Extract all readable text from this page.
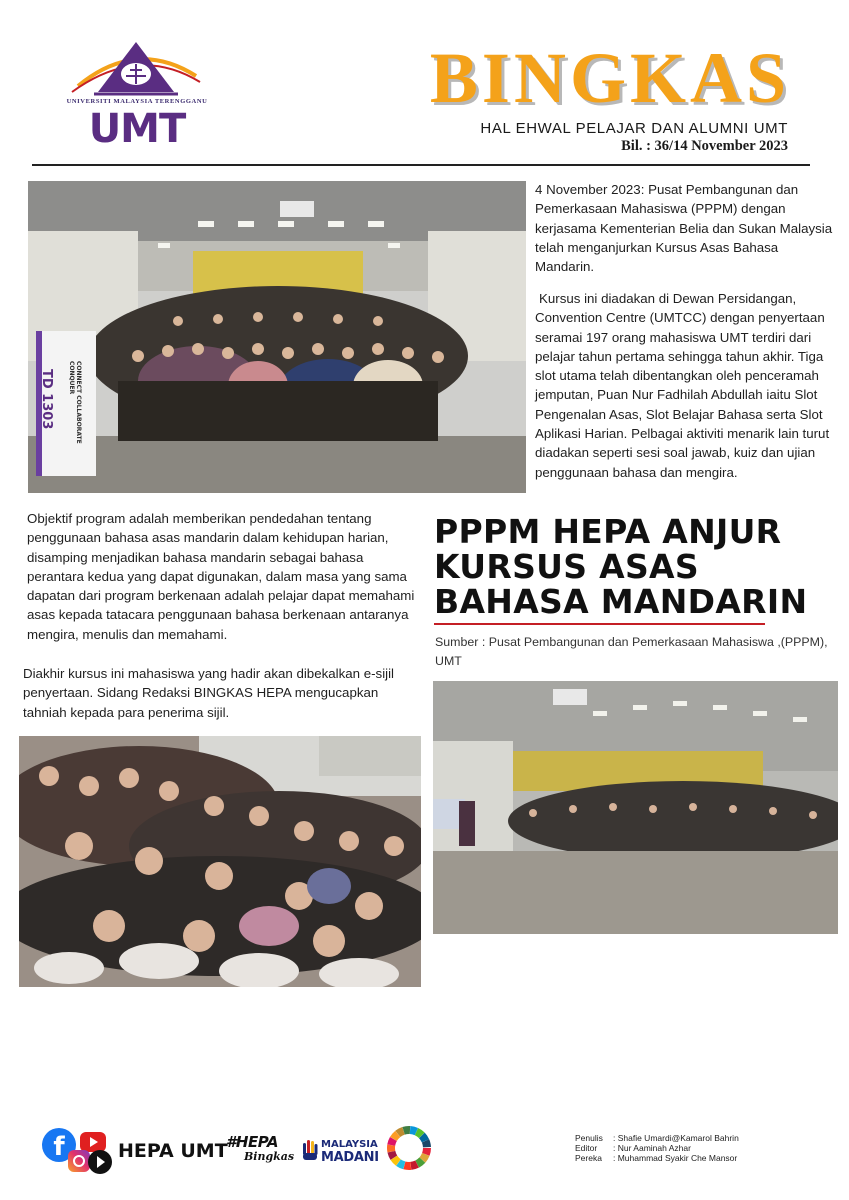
UNIVERSITI MALAYSIA TERENGGANU
UMT
BINGKAS
HAL EHWAL PELAJAR DAN ALUMNI UMT
Bil. : 36/14 November 2023
TD 1303	CONNECT COLLABORATE CONQUER

4 November 2023: Pusat Pembangunan dan Pemerkasaan Mahasiswa (PPPM) dengan kerjasama Kementerian Belia dan Sukan Malaysia telah menganjurkan Kursus Asas Bahasa Mandarin.

Kursus ini diadakan di Dewan Persidangan, Convention Centre (UMTCC) dengan penyertaan seramai 197 orang mahasiswa UMT terdiri dari pelajar tahun pertama sehingga tahun akhir. Tiga slot utama telah dibentangkan oleh penceramah jemputan, Puan Nur Fadhilah Abdullah iaitu Slot Pengenalan Asas, Slot Belajar Bahasa serta Slot Aplikasi Harian. Pelbagai aktiviti menarik lain turut diadakan seperti sesi soal jawab, kuiz dan ujian penggunaan bahasa dan mengira.

PPPM HEPA ANJUR KURSUS ASAS BAHASA MANDARIN

Sumber : Pusat Pembangunan dan Pemerkasaan Mahasiswa ,(PPPM), UMT

Objektif program adalah memberikan pendedahan tentang penggunaan bahasa asas mandarin dalam kehidupan harian, disamping menjadikan bahasa mandarin sebagai bahasa perantara kedua yang dapat digunakan, dalam masa yang sama dapatan dari program berkenaan adalah pelajar dapat memahami asas kepada tatacara penggunaan bahasa berkenaan antaranya mengira, menulis dan memahami.

Diakhir kursus ini mahasiswa yang hadir akan dibekalkan e-sijil penyertaan. Sidang Redaksi BINGKAS HEPA mengucapkan tahniah kepada para penerima sijil.

f	HEPA UMT
#HEPA
Bingkas
MALAYSIA
MADANI
Penulis : Shafie Umardi@Kamarol Bahrin
Editor : Nur Aaminah Azhar
Pereka : Muhammad Syakir Che Mansor
